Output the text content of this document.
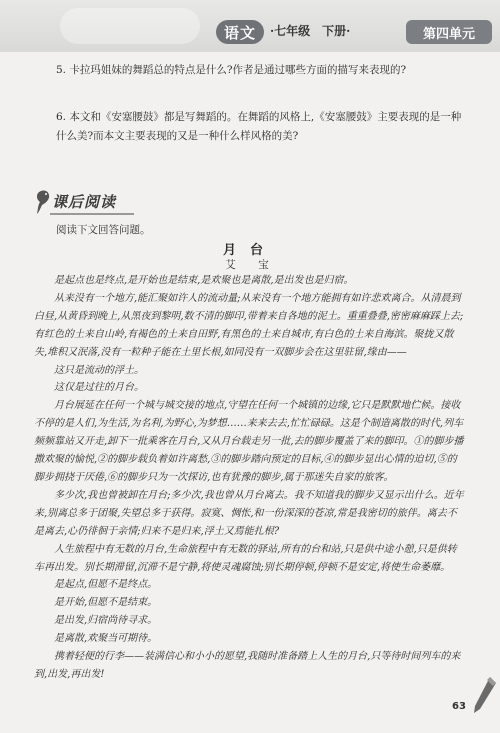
语文	·七年级　下册·	第四单元
5. 卡拉玛姐妹的舞蹈总的特点是什么?作者是通过哪些方面的描写来表现的?
6. 本文和《安塞腰鼓》都是写舞蹈的。在舞蹈的风格上,《安塞腰鼓》主要表现的是一种什么美?而本文主要表现的又是一种什么样风格的美?
课后阅读
阅读下文回答问题。
月台
艾　宝

是起点也是终点,是开始也是结束,是欢聚也是离散,是出发也是归宿。

从来没有一个地方,能汇聚如许人的流动量;从来没有一个地方能拥有如许悲欢离合。从清晨到白昼,从黄昏到晚上,从黑夜到黎明,数不清的脚印,带着来自各地的泥土。重重叠叠,密密麻麻踩上去;有红色的土来自山岭,有褐色的土来自田野,有黑色的土来自城市,有白色的土来自海滨。聚拢又散失,堆积又泯落,没有一粒种子能在土里长根,如同没有一双脚步会在这里驻留,缘由——

这只是流动的浮土。

这仅是过往的月台。

月台展延在任何一个城与城交接的地点,守望在任何一个城镇的边缘,它只是默默地伫候。接收不停的是人们,为生活,为名利,为野心,为梦想……来来去去,忙忙碌碌。这是个制造离散的时代,列车频频靠站又开走,卸下一批乘客在月台,又从月台载走另一批,去的脚步覆盖了来的脚印。①的脚步播撒欢聚的愉悦,②的脚步载负着如许离愁,③的脚步踏向预定的目标,④的脚步显出心情的迫切,⑤的脚步拥挠于厌倦,⑥的脚步只为一次探访,也有犹豫的脚步,属于那迷失自家的旅客。

多少次,我也曾被卸在月台;多少次,我也曾从月台离去。我不知道我的脚步又显示出什么。近年来,别离总多于团聚,失望总多于获得。寂寞、惆怅,和一份深深的苍凉,常是我密切的旅伴。离去不是离去,心仍徘徊于亲情;归来不是归来,浮土又焉能扎根?

人生旅程中有无数的月台,生命旅程中有无数的驿站,所有的台和站,只是供中途小憩,只是供转车再出发。别长期滞留,沉滞不是宁静,将使灵魂腐蚀;别长期停顿,停顿不是安定,将使生命萎靡。

是起点,但愿不是终点。

是开始,但愿不是结束。

是出发,归宿尚待寻求。

是离散,欢聚当可期待。

携着轻便的行李——装满信心和小小的愿望,我随时准备踏上人生的月台,只等待时间列车的来到,出发,再出发!

63
